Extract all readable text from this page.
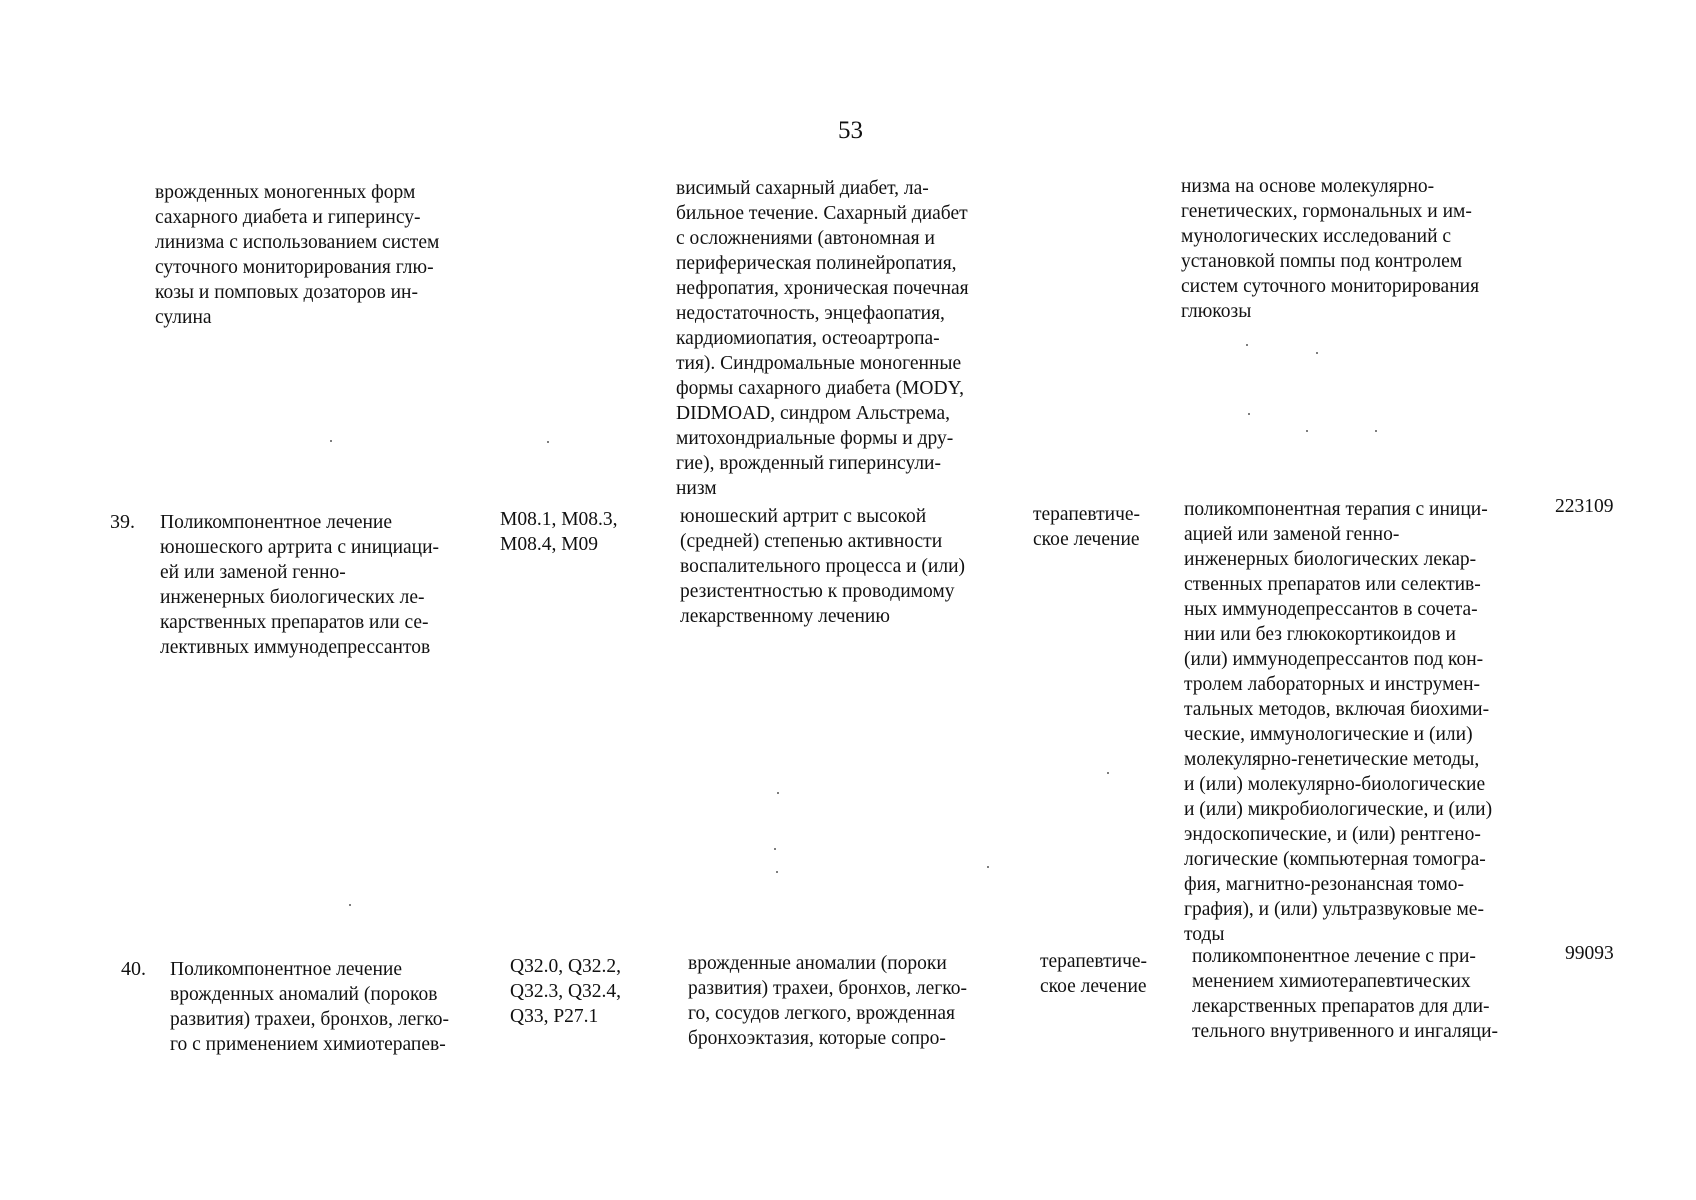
53
врожденных моногенных форм
сахарного диабета и гиперинсу-
линизма с использованием систем
суточного мониторирования глю-
козы и помповых дозаторов ин-
сулина
висимый сахарный диабет, ла-
бильное течение. Сахарный диабет
с осложнениями (автономная и
периферическая полинейропатия,
нефропатия, хроническая почечная
недостаточность, энцефаопатия,
кардиомиопатия, остеоартропа-
тия). Синдромальные моногенные
формы сахарного диабета (MODY,
DIDMOAD, синдром Альстрема,
митохондриальные формы и дру-
гие), врожденный гиперинсули-
низм
низма на основе молекулярно-
генетических, гормональных и им-
мунологических исследований с
установкой помпы под контролем
систем суточного мониторирования
глюкозы
39. Поликомпонентное лечение
юношеского артрита с инициаци-
ей или заменой генно-
инженерных биологических ле-
карственных препаратов или се-
лективных иммунодепрессантов
M08.1, M08.3,
M08.4, M09
юношеский артрит с высокой
(средней) степенью активности
воспалительного процесса и (или)
резистентностью к проводимому
лекарственному лечению
терапевтиче-
ское лечение
поликомпонентная терапия с иници-
ацией или заменой генно-
инженерных биологических лекар-
ственных препаратов или селектив-
ных иммунодепрессантов в сочета-
нии или без глюкокортикоидов и
(или) иммунодепрессантов под кон-
тролем лабораторных и инструмен-
тальных методов, включая биохими-
ческие, иммунологические и (или)
молекулярно-генетические методы,
и (или) молекулярно-биологические
и (или) микробиологические, и (или)
эндоскопические, и (или) рентгено-
логические (компьютерная томогра-
фия, магнитно-резонансная томо-
графия), и (или) ультразвуковые ме-
тоды
223109
40. Поликомпонентное лечение
врожденных аномалий (пороков
развития) трахеи, бронхов, легко-
го с применением химиотерапев-
Q32.0, Q32.2,
Q32.3, Q32.4,
Q33, P27.1
врожденные аномалии (пороки
развития) трахеи, бронхов, легко-
го, сосудов легкого, врожденная
бронхоэктазия, которые сопро-
терапевтиче-
ское лечение
поликомпонентное лечение с при-
менением химиотерапевтических
лекарственных препаратов для дли-
тельного внутривенного и ингаляци-
99093
